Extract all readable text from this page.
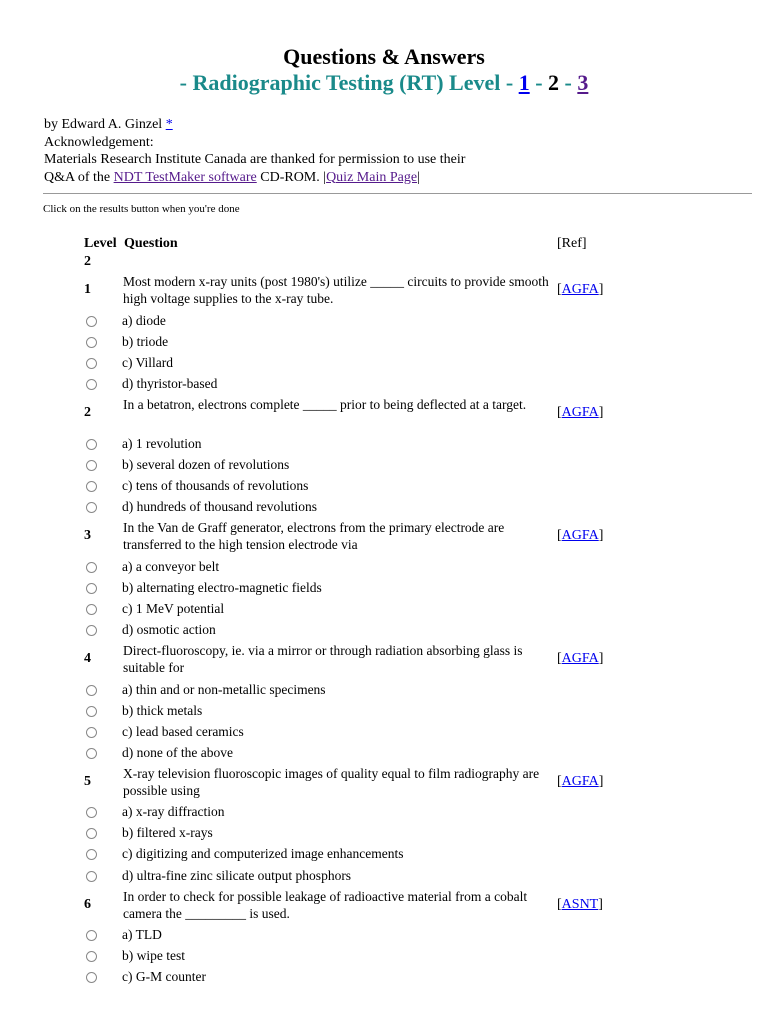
Questions & Answers
- Radiographic Testing (RT) Level - 1 - 2 - 3
by Edward A. Ginzel *
Acknowledgement:
Materials Research Institute Canada are thanked for permission to use their
Q&A of the NDT TestMaker software CD-ROM. |Quiz Main Page|
Click on the results button when you're done
Level
2
Question	[Ref]
1
Most modern x-ray units (post 1980's) utilize _____ circuits to provide smooth high voltage supplies to the x-ray tube.
[AGFA]
a) diode
b) triode
c) Villard
d) thyristor-based
2
In a betatron, electrons complete _____ prior to being deflected at a target.
[AGFA]
a) 1 revolution
b) several dozen of revolutions
c) tens of thousands of revolutions
d) hundreds of thousand revolutions
3
In the Van de Graff generator, electrons from the primary electrode are transferred to the high tension electrode via
[AGFA]
a) a conveyor belt
b) alternating electro-magnetic fields
c) 1 MeV potential
d) osmotic action
4
Direct-fluoroscopy, ie. via a mirror or through radiation absorbing glass is suitable for
[AGFA]
a) thin and or non-metallic specimens
b) thick metals
c) lead based ceramics
d) none of the above
5
X-ray television fluoroscopic images of quality equal to film radiography are possible using
[AGFA]
a) x-ray diffraction
b) filtered x-rays
c) digitizing and computerized image enhancements
d) ultra-fine zinc silicate output phosphors
6
In order to check for possible leakage of radioactive material from a cobalt camera the _________ is used.
[ASNT]
a) TLD
b) wipe test
c) G-M counter
